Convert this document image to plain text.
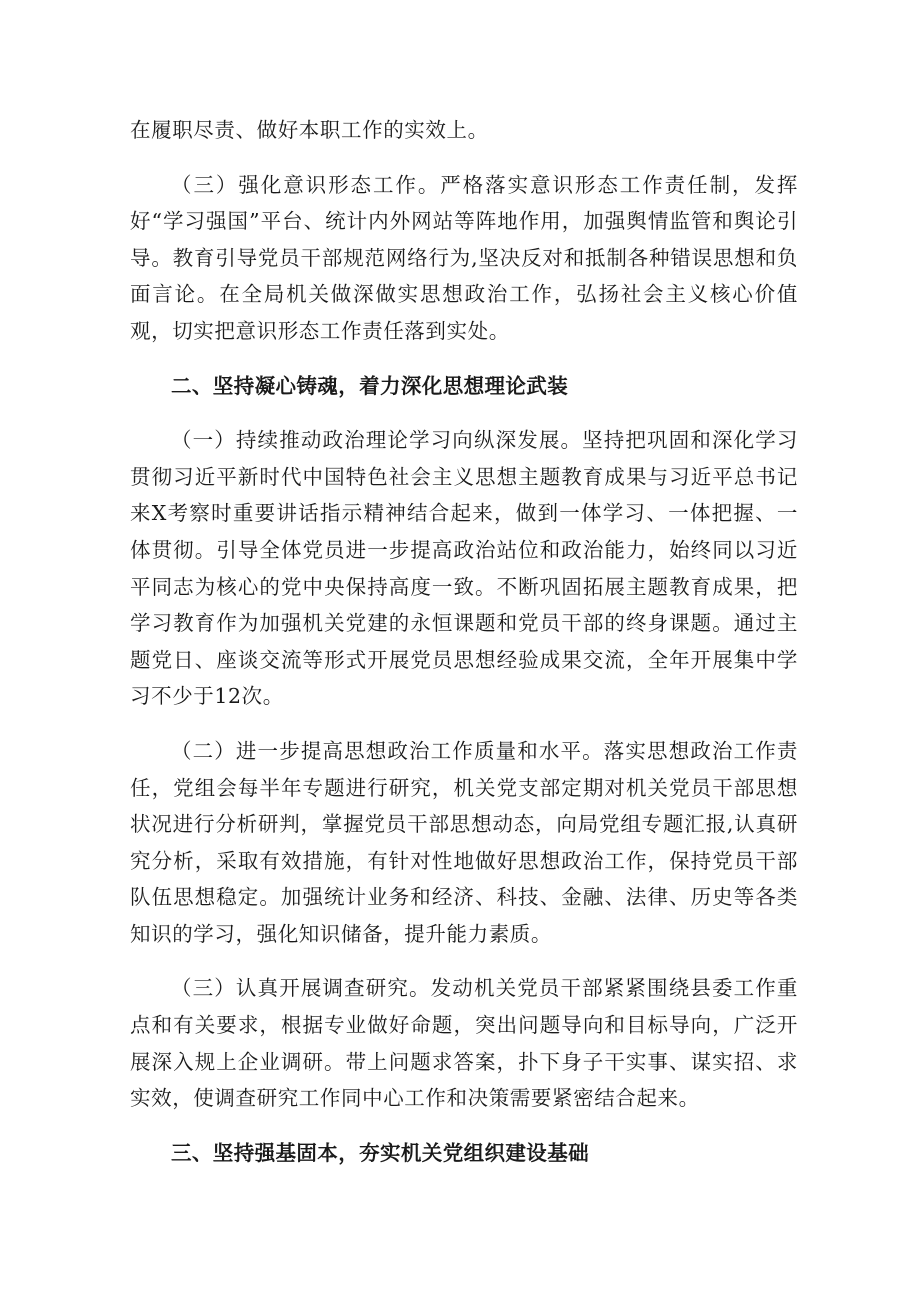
在履职尽责、做好本职工作的实效上。

（三）强化意识形态工作。严格落实意识形态工作责任制，发挥好“学习强国”平台、统计内外网站等阵地作用，加强舆情监管和舆论引导。教育引导党员干部规范网络行为,坚决反对和抵制各种错误思想和负面言论。在全局机关做深做实思想政治工作，弘扬社会主义核心价值观，切实把意识形态工作责任落到实处。

二、坚持凝心铸魂，着力深化思想理论武装

（一）持续推动政治理论学习向纵深发展。坚持把巩固和深化学习贯彻习近平新时代中国特色社会主义思想主题教育成果与习近平总书记来X考察时重要讲话指示精神结合起来，做到一体学习、一体把握、一体贯彻。引导全体党员进一步提高政治站位和政治能力，始终同以习近平同志为核心的党中央保持高度一致。不断巩固拓展主题教育成果，把学习教育作为加强机关党建的永恒课题和党员干部的终身课题。通过主题党日、座谈交流等形式开展党员思想经验成果交流，全年开展集中学习不少于12次。

（二）进一步提高思想政治工作质量和水平。落实思想政治工作责任，党组会每半年专题进行研究，机关党支部定期对机关党员干部思想状况进行分析研判，掌握党员干部思想动态，向局党组专题汇报,认真研究分析，采取有效措施，有针对性地做好思想政治工作，保持党员干部队伍思想稳定。加强统计业务和经济、科技、金融、法律、历史等各类知识的学习，强化知识储备，提升能力素质。

（三）认真开展调查研究。发动机关党员干部紧紧围绕县委工作重点和有关要求，根据专业做好命题，突出问题导向和目标导向，广泛开展深入规上企业调研。带上问题求答案，扑下身子干实事、谋实招、求实效，使调查研究工作同中心工作和决策需要紧密结合起来。

三、坚持强基固本，夯实机关党组织建设基础
